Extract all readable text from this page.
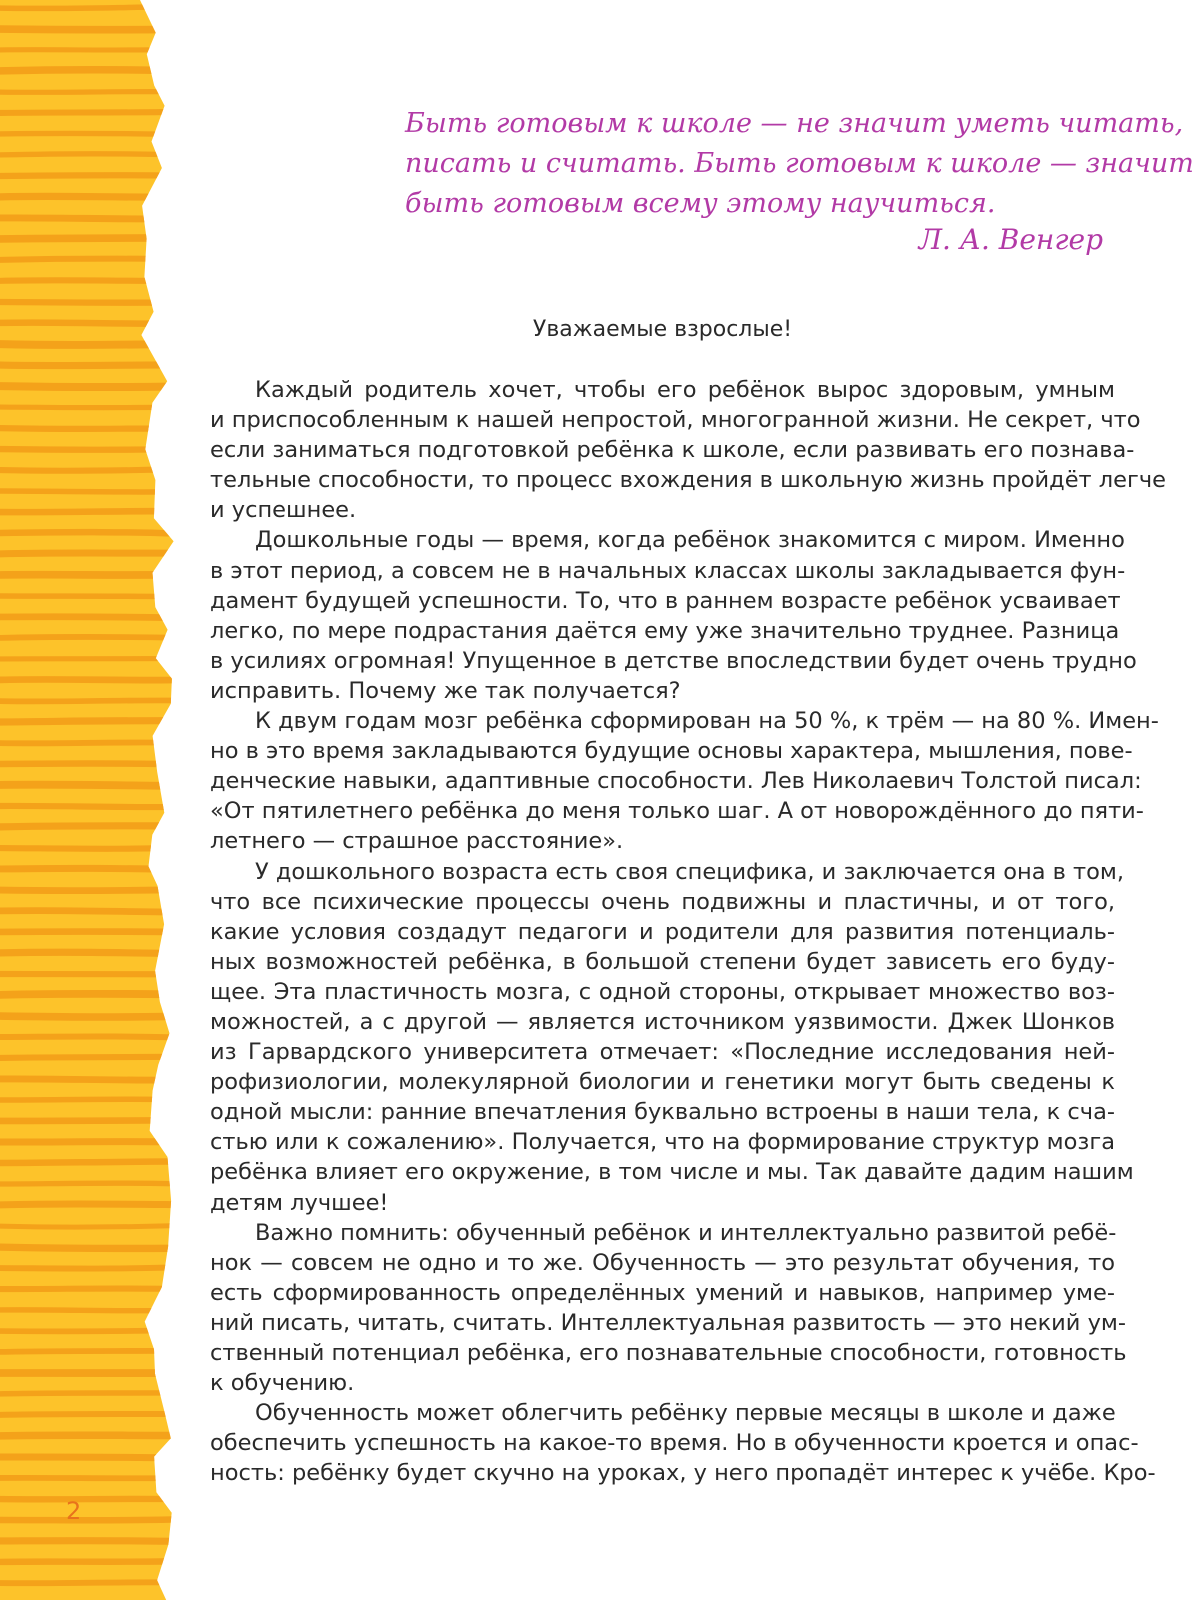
Быть готовым к школе — не значит уметь читать,
писать и считать. Быть готовым к школе — значит
быть готовым всему этому научиться.
Л. А. Венгер
Уважаемые взрослые!
Каждый родитель хочет, чтобы его ребёнок вырос здоровым, умным
и приспособленным к нашей непростой, многогранной жизни. Не секрет, что
если заниматься подготовкой ребёнка к школе, если развивать его познава-
тельные способности, то процесс вхождения в школьную жизнь пройдёт легче
и успешнее.
Дошкольные годы — время, когда ребёнок знакомится с миром. Именно
в этот период, а совсем не в начальных классах школы закладывается фун-
дамент будущей успешности. То, что в раннем возрасте ребёнок усваивает
легко, по мере подрастания даётся ему уже значительно труднее. Разница
в усилиях огромная! Упущенное в детстве впоследствии будет очень трудно
исправить. Почему же так получается?
К двум годам мозг ребёнка сформирован на 50 %, к трём — на 80 %. Имен-
но в это время закладываются будущие основы характера, мышления, пове-
денческие навыки, адаптивные способности. Лев Николаевич Толстой писал:
«От пятилетнего ребёнка до меня только шаг. А от новорождённого до пяти-
летнего — страшное расстояние».
У дошкольного возраста есть своя специфика, и заключается она в том,
что все психические процессы очень подвижны и пластичны, и от того,
какие условия создадут педагоги и родители для развития потенциаль-
ных возможностей ребёнка, в большой степени будет зависеть его буду-
щее. Эта пластичность мозга, с одной стороны, открывает множество воз-
можностей, а с другой — является источником уязвимости. Джек Шонков
из Гарвардского университета отмечает: «Последние исследования ней-
рофизиологии, молекулярной биологии и генетики могут быть сведены к
одной мысли: ранние впечатления буквально встроены в наши тела, к сча-
стью или к сожалению». Получается, что на формирование структур мозга
ребёнка влияет его окружение, в том числе и мы. Так давайте дадим нашим
детям лучшее!
Важно помнить: обученный ребёнок и интеллектуально развитой ребё-
нок — совсем не одно и то же. Обученность — это результат обучения, то
есть сформированность определённых умений и навыков, например уме-
ний писать, читать, считать. Интеллектуальная развитость — это некий ум-
ственный потенциал ребёнка, его познавательные способности, готовность
к обучению.
Обученность может облегчить ребёнку первые месяцы в школе и даже
обеспечить успешность на какое-то время. Но в обученности кроется и опас-
ность: ребёнку будет скучно на уроках, у него пропадёт интерес к учёбе. Кро-
2
